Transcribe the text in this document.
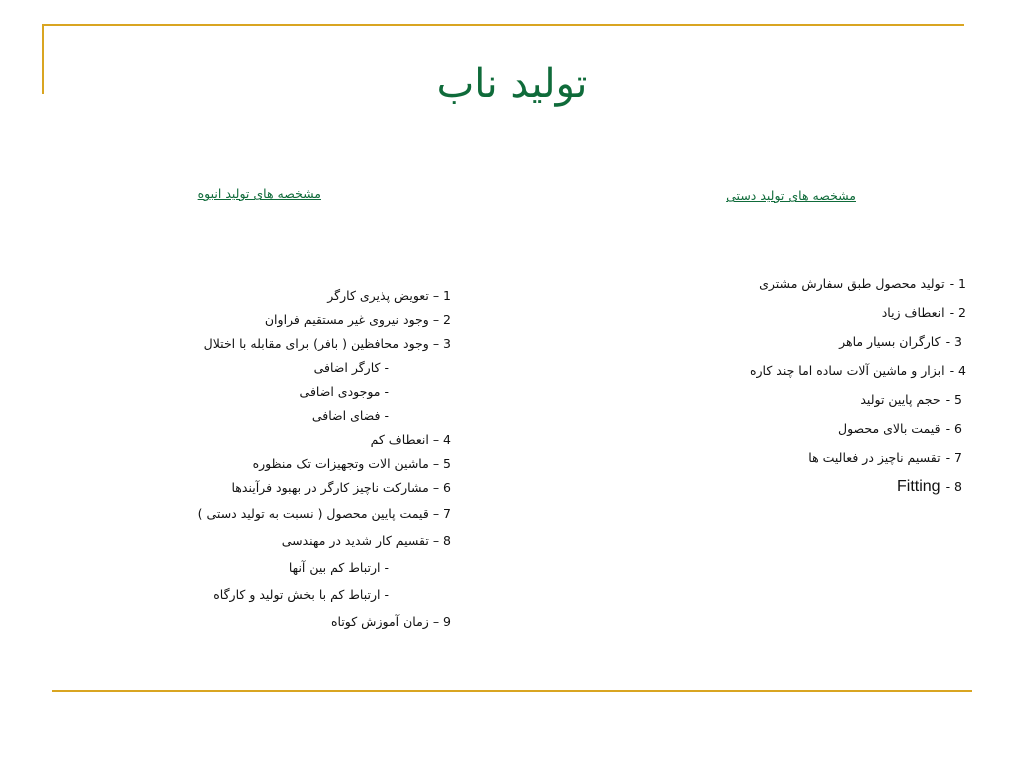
تولید ناب
مشخصه های تولید دستی
مشخصه های تولید انبوه
1 -
تولید محصول طبق سفارش مشتری
2 -
انعطاف زیاد
3 -
کارگران بسیار ماهر
4 -
ابزار و ماشین آلات ساده اما چند کاره
5 -
حجم پایین تولید
6 -
قیمت بالای محصول
7 -
تقسیم ناچیز در فعالیت ها
8 -
Fitting
1 –تعویض پذیری کارگر
2 –وجود نیروی غیر مستقیم فراوان
3 –وجود محافظین ( بافر) برای مقابله با اختلال
-کارگر اضافی
-موجودی اضافی
-فضای اضافی
4 –انعطاف کم
5 –ماشین الات وتجهیزات تک منظوره
6 –مشارکت ناچیز کارگر در بهبود فرآیندها
7 –قیمت پایین محصول ( نسبت به تولید دستی )
8 –تقسیم کار شدید در مهندسی
-ارتباط کم بین آنها
-ارتباط کم با بخش تولید و کارگاه
9 –زمان آموزش کوتاه
